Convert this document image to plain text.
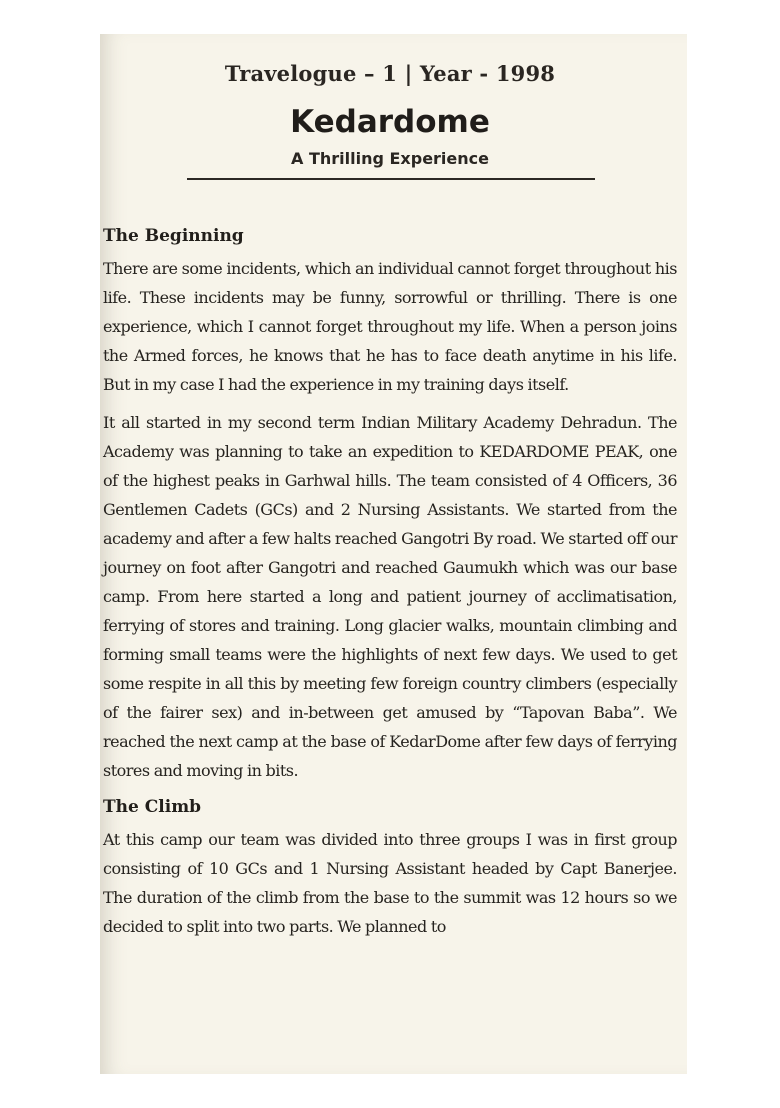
Travelogue – 1 | Year - 1998
Kedardome
A Thrilling Experience
The Beginning

There are some incidents, which an individual cannot forget throughout his life. These incidents may be funny, sorrowful or thrilling. There is one experience, which I cannot forget throughout my life. When a person joins the Armed forces, he knows that he has to face death anytime in his life. But in my case I had the experience in my training days itself.

It all started in my second term Indian Military Academy Dehradun. The Academy was planning to take an expedition to KEDARDOME PEAK, one of the highest peaks in Garhwal hills. The team consisted of 4 Officers, 36 Gentlemen Cadets (GCs) and 2 Nursing Assistants. We started from the academy and after a few halts reached Gangotri By road. We started off our journey on foot after Gangotri and reached Gaumukh which was our base camp. From here started a long and patient journey of acclimatisation, ferrying of stores and training. Long glacier walks, mountain climbing and forming small teams were the highlights of next few days. We used to get some respite in all this by meeting few foreign country climbers (especially of the fairer sex) and in-between get amused by “Tapovan Baba”. We reached the next camp at the base of KedarDome after few days of ferrying stores and moving in bits.

The Climb

At this camp our team was divided into three groups I was in first group consisting of 10 GCs and 1 Nursing Assistant headed by Capt Banerjee. The duration of the climb from the base to the summit was 12 hours so we decided to split into two parts. We planned to
